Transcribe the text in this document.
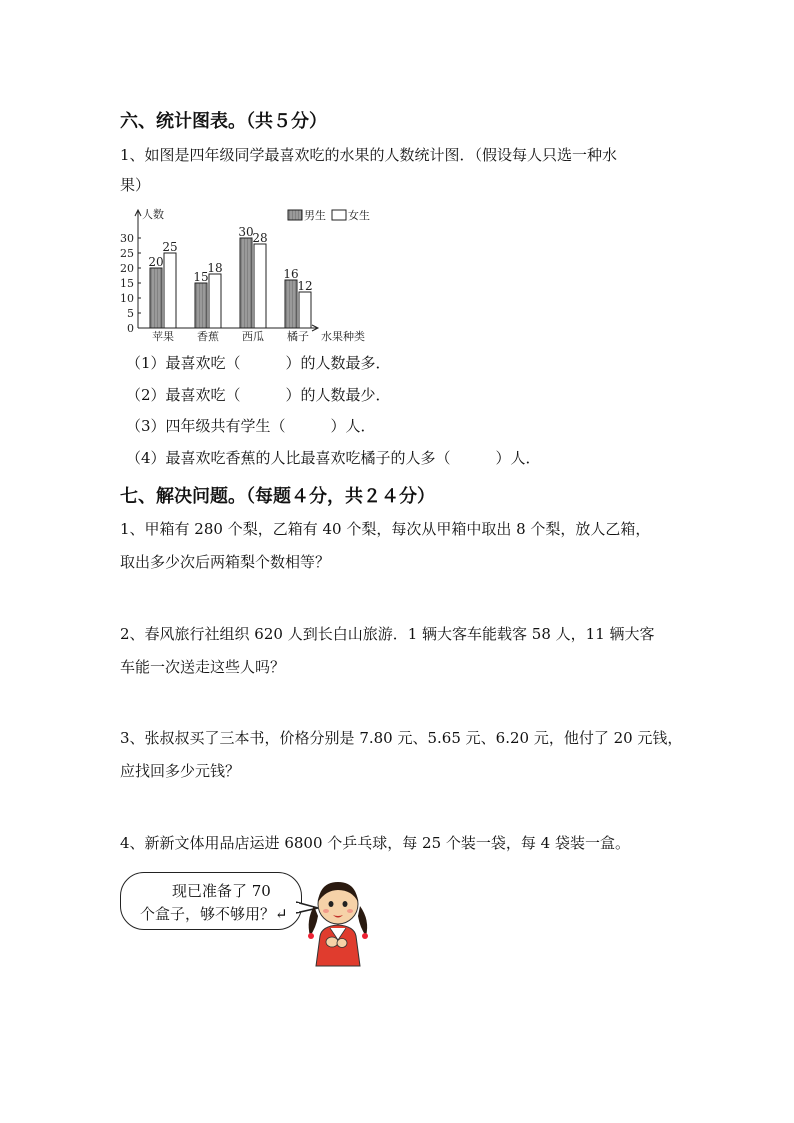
六、统计图表。（共５分）
1、如图是四年级同学最喜欢吃的水果的人数统计图．（假设每人只选一种水
果）
0
5
10
15
20
25
30
人数
水果种类
20
25
苹果
15
18
香蕉
30
28
西瓜
16
12
橘子
男生 女生
（1）最喜欢吃（　　　）的人数最多．
（2）最喜欢吃（　　　）的人数最少．
（3）四年级共有学生（　　　）人．
（4）最喜欢吃香蕉的人比最喜欢吃橘子的人多（　　　）人．
七、解决问题。（每题４分，共２４分）
1、甲箱有 280 个梨，乙箱有 40 个梨，每次从甲箱中取出 8 个梨，放人乙箱，
取出多少次后两箱梨个数相等？
2、春风旅行社组织 620 人到长白山旅游．1 辆大客车能载客 58 人，11 辆大客
车能一次送走这些人吗？
3、张叔叔买了三本书，价格分别是 7.80 元、5.65 元、6.20 元，他付了 20 元钱，
应找回多少元钱？
4、新新文体用品店运进 6800 个乒乓球，每 25 个装一袋，每 4 袋装一盒。
现已准备了 70
个盒子，够不够用？↵
